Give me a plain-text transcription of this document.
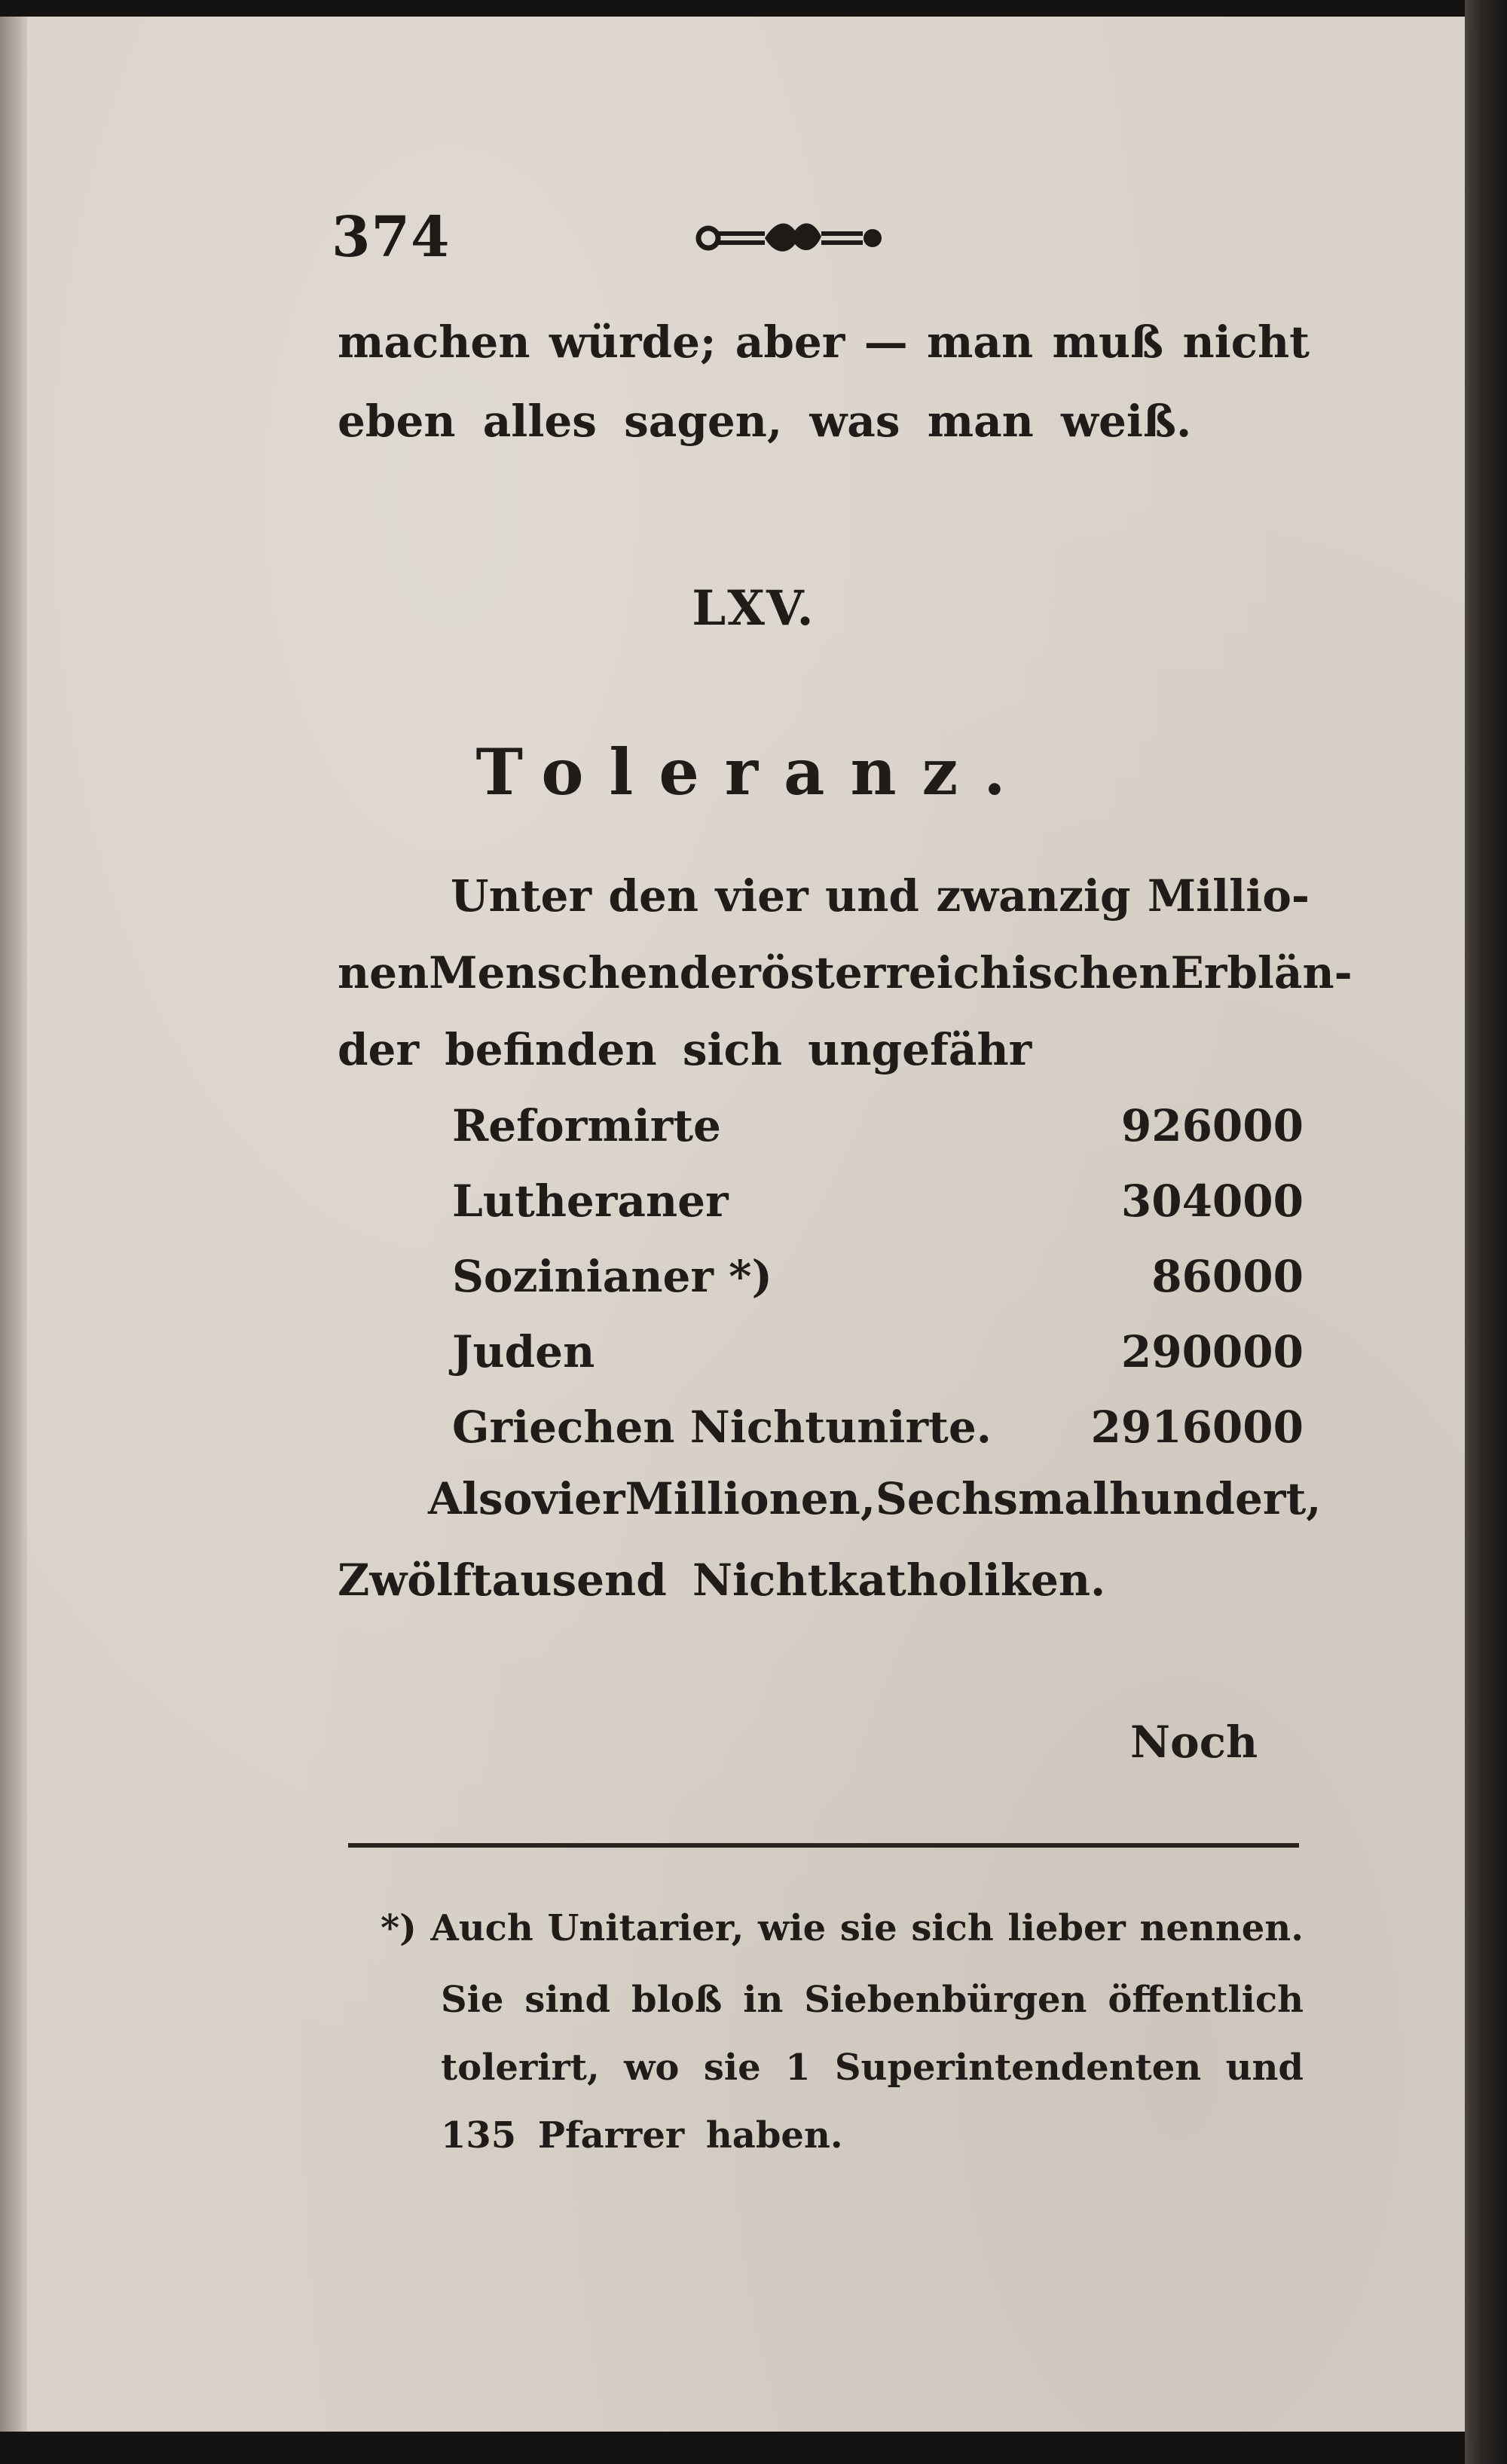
374
machen würde; aber — man muß nicht
eben alles sagen, was man weiß.
LXV.
Toleranz.
Unter den vier und zwanzig Millio-
nen Menschen der österreichischen Erblän-
der befinden sich ungefähr
Reformirte	926000
Lutheraner	304000
Sozinianer *)	86000
Juden	290000
Griechen Nichtunirte. 2916000
Also vier Millionen, Sechsmalhundert,
Zwölftausend Nichtkatholiken.
Noch
*) Auch Unitarier, wie sie sich lieber nennen.
Sie sind bloß in Siebenbürgen öffentlich
tolerirt, wo sie 1 Superintendenten und
135 Pfarrer haben.
